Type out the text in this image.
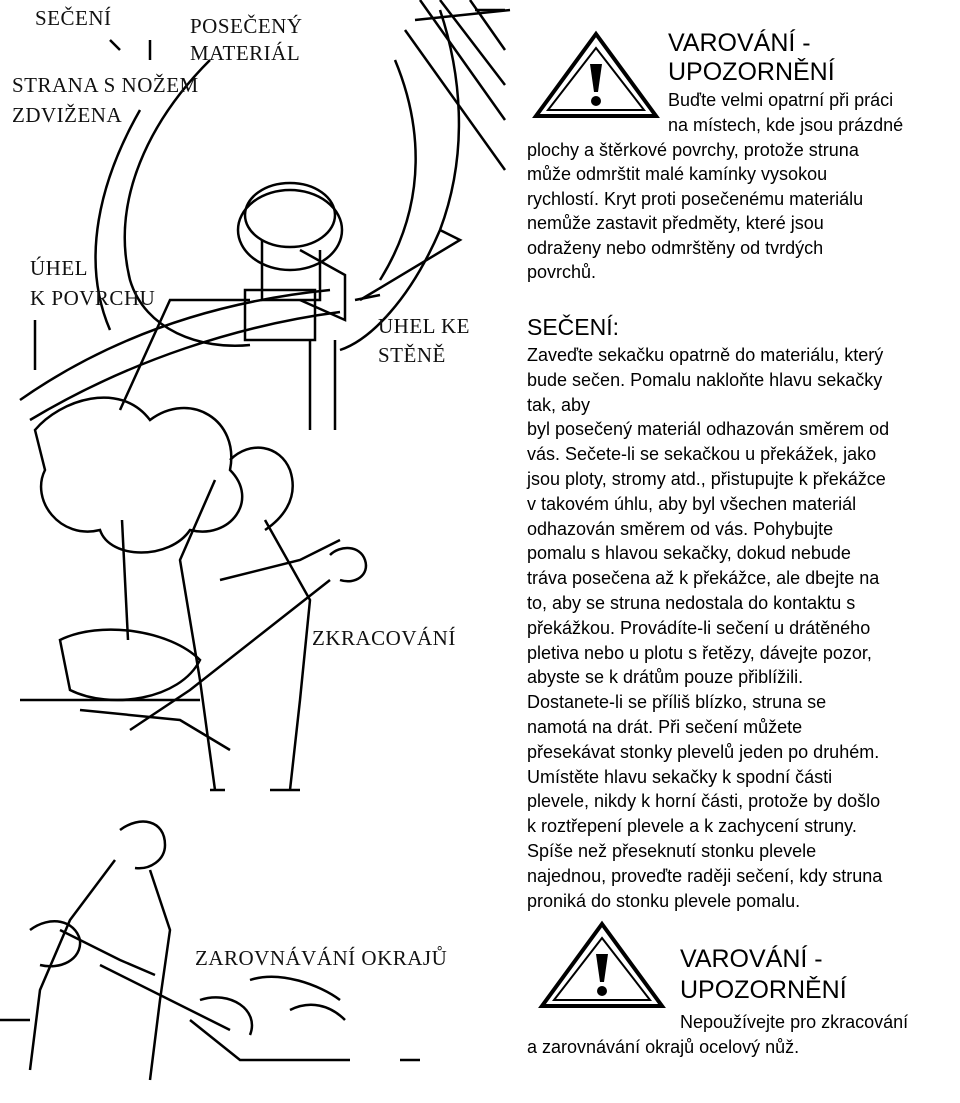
SEČENÍ	POSEČENÝ
MATERIÁL
STRANA S NOŽEM
ZDVIŽENA
ÚHEL
K POVRCHU
ÚHEL KE
STĚNĚ
ZKRACOVÁNÍ
ZAROVNÁVÁNÍ OKRAJŮ
VAROVÁNÍ -
UPOZORNĚNÍ
Buďte velmi opatrní při práci
na místech, kde jsou prázdné
plochy a štěrkové povrchy, protože struna
může odmrštit malé kamínky vysokou
rychlostí. Kryt proti posečenému materiálu
nemůže zastavit předměty, které jsou
odraženy nebo odmrštěny od tvrdých
povrchů.
SEČENÍ:
Zaveďte sekačku opatrně do materiálu, který
bude sečen. Pomalu nakloňte hlavu sekačky
tak, aby
byl posečený materiál odhazován směrem od
vás. Sečete-li se sekačkou u překážek, jako
jsou ploty, stromy atd., přistupujte k překážce
v takovém úhlu, aby byl všechen materiál
odhazován směrem od vás. Pohybujte
pomalu s hlavou sekačky, dokud nebude
tráva posečena až k překážce, ale dbejte na
to, aby se struna nedostala do kontaktu s
překážkou. Provádíte-li sečení u drátěného
pletiva nebo u plotu s řetězy, dávejte pozor,
abyste se k drátům pouze přiblížili.
Dostanete-li se příliš blízko, struna se
namotá na drát. Při sečení můžete
přesekávat stonky plevelů jeden po druhém.
Umístěte hlavu sekačky k spodní části
plevele, nikdy k horní části, protože by došlo
k roztřepení plevele a k zachycení struny.
Spíše než přeseknutí stonku plevele
najednou, proveďte raději sečení, kdy struna
proniká do stonku plevele pomalu.
VAROVÁNÍ -
UPOZORNĚNÍ
Nepoužívejte pro zkracování
a zarovnávání okrajů ocelový nůž.
